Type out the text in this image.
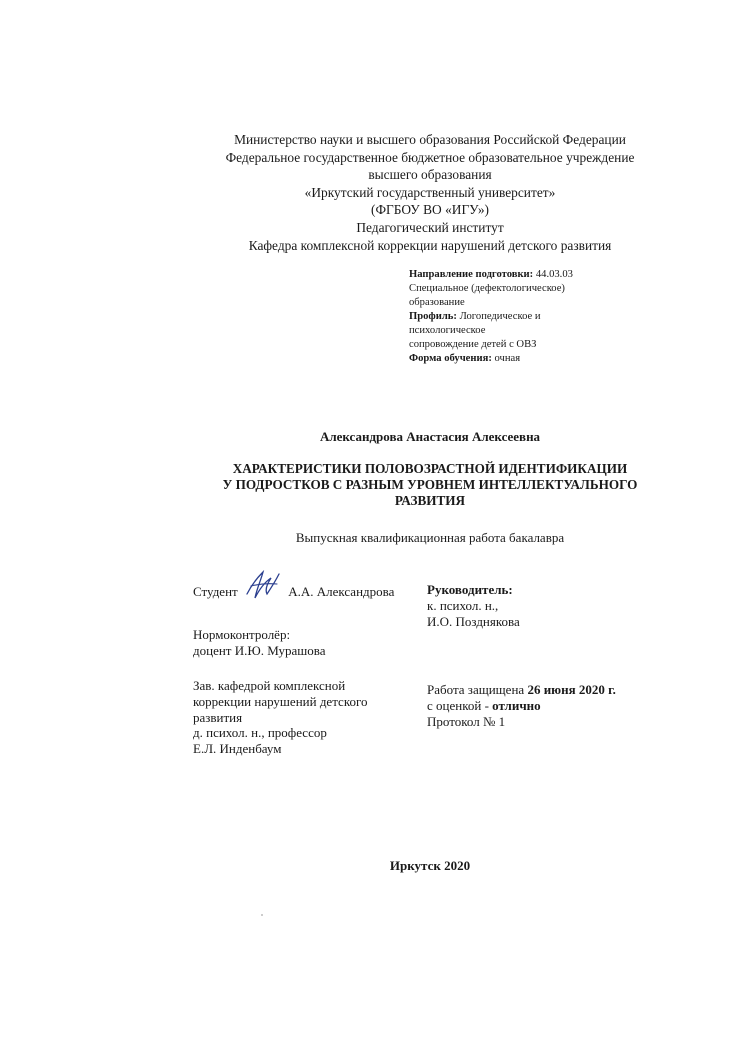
Министерство науки и высшего образования Российской Федерации
Федеральное государственное бюджетное образовательное учреждение
высшего образования
«Иркутский государственный университет»
(ФГБОУ ВО «ИГУ»)
Педагогический институт
Кафедра комплексной коррекции нарушений детского развития
Направление подготовки: 44.03.03
Специальное (дефектологическое)
образование
Профиль: Логопедическое и
психологическое
сопровождение детей с ОВЗ
Форма обучения: очная
Александрова Анастасия Алексеевна
ХАРАКТЕРИСТИКИ ПОЛОВОЗРАСТНОЙ ИДЕНТИФИКАЦИИ
У ПОДРОСТКОВ С РАЗНЫМ УРОВНЕМ ИНТЕЛЛЕКТУАЛЬНОГО
РАЗВИТИЯ
Выпускная квалификационная работа бакалавра
Студент	А.А. Александрова	Руководитель:
к. психол. н.,
И.О. Позднякова
Нормоконтролёр:
доцент И.Ю. Мурашова
Зав. кафедрой комплексной
коррекции нарушений детского
развития
д. психол. н., профессор
Е.Л. Инденбаум
Работа защищена 26 июня 2020 г.
с оценкой - отлично
Протокол № 1
Иркутск 2020
